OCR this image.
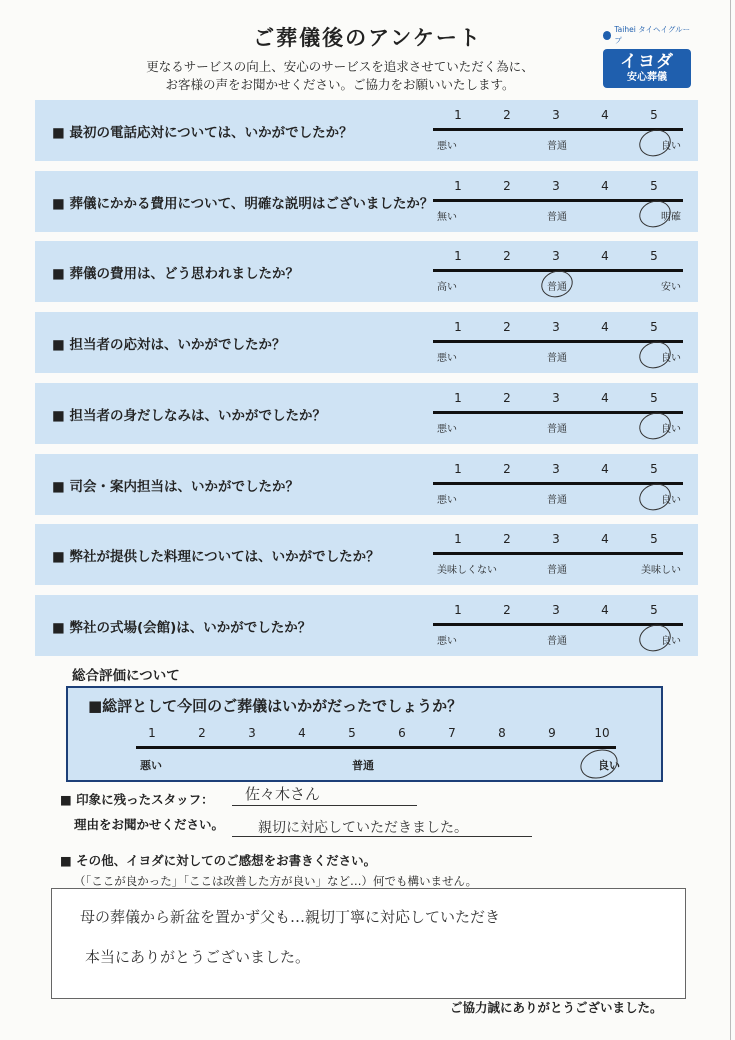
ご葬儀後のアンケート
更なるサービスの向上、安心のサービスを追求させていただく為に、
お客様の声をお聞かせください。ご協力をお願いいたします。
Taihei タイヘイグループ
イヨダ
安心葬儀
■ 最初の電話応対については、いかがでしたか？
1	2	3	4	5
悪い	普通	良い
■ 葬儀にかかる費用について、明確な説明はございましたか？
1	2	3	4	5
無い	普通	明確
■ 葬儀の費用は、どう思われましたか？
1	2	3	4	5
高い	普通	安い
■ 担当者の応対は、いかがでしたか？
1	2	3	4	5
悪い	普通	良い
■ 担当者の身だしなみは、いかがでしたか？
1	2	3	4	5
悪い	普通	良い
■ 司会・案内担当は、いかがでしたか？
1	2	3	4	5
悪い	普通	良い
■ 弊社が提供した料理については、いかがでしたか？
1	2	3	4	5
美味しくない	普通	美味しい
■ 弊社の式場(会館)は、いかがでしたか？
1	2	3	4	5
悪い	普通	良い
総合評価について
■総評として今回のご葬儀はいかがだったでしょうか？
1	2	3	4	5	6	7	8	9	10
悪い	普通	良い
■ 印象に残ったスタッフ： 佐々木さん
理由をお聞かせください。 親切に対応していただきました。
■ その他、イヨダに対してのご感想をお書きください。
（「ここが良かった」「ここは改善した方が良い」など…）何でも構いません。
母の葬儀から新盆を置かず父も…親切丁寧に対応していただき
本当にありがとうございました。
ご協力誠にありがとうございました。
